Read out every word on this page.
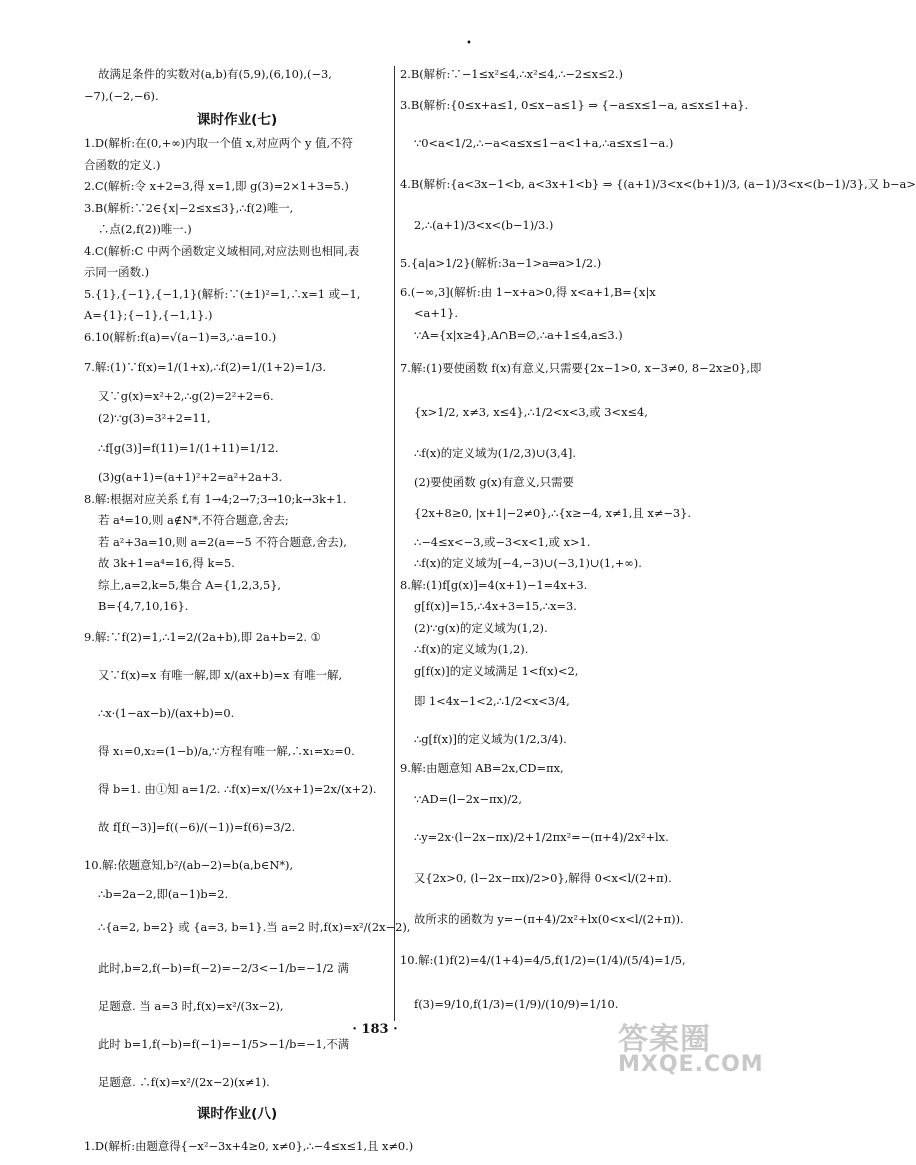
•
故满足条件的实数对(a,b)有(5,9),(6,10),(−3,
−7),(−2,−6).
课时作业(七)
1.D(解析:在(0,+∞)内取一个值 x,对应两个 y 值,不符
合函数的定义.)
2.C(解析:令 x+2=3,得 x=1,即 g(3)=2×1+3=5.)
3.B(解析:∵2∈{x|−2≤x≤3},∴f(2)唯一,
∴点(2,f(2))唯一.)
4.C(解析:C 中两个函数定义域相同,对应法则也相同,表
示同一函数.)
5.{1},{−1},{−1,1}(解析:∵(±1)²=1,∴x=1 或−1,
A={1};{−1},{−1,1}.)
6.10(解析:f(a)=√(a−1)=3,∴a=10.)
7.解:(1)∵f(x)=1/(1+x),∴f(2)=1/(1+2)=1/3.
又∵g(x)=x²+2,∴g(2)=2²+2=6.
(2)∵g(3)=3²+2=11,
∴f[g(3)]=f(11)=1/(1+11)=1/12.
(3)g(a+1)=(a+1)²+2=a²+2a+3.
8.解:根据对应关系 f,有 1→4;2→7;3→10;k→3k+1.
若 a⁴=10,则 a∉N*,不符合题意,舍去;
若 a²+3a=10,则 a=2(a=−5 不符合题意,舍去),
故 3k+1=a⁴=16,得 k=5.
综上,a=2,k=5,集合 A={1,2,3,5},
B={4,7,10,16}.
9.解:∵f(2)=1,∴1=2/(2a+b),即 2a+b=2. ①
又∵f(x)=x 有唯一解,即 x/(ax+b)=x 有唯一解,
∴x·(1−ax−b)/(ax+b)=0.
得 x₁=0,x₂=(1−b)/a,∵方程有唯一解,∴x₁=x₂=0.
得 b=1. 由①知 a=1/2. ∴f(x)=x/(½x+1)=2x/(x+2).
故 f[f(−3)]=f((−6)/(−1))=f(6)=3/2.
10.解:依题意知,b²/(ab−2)=b(a,b∈N*),
∴b=2a−2,即(a−1)b=2.
∴{a=2, b=2} 或 {a=3, b=1}.当 a=2 时,f(x)=x²/(2x−2),
此时,b=2,f(−b)=f(−2)=−2/3<−1/b=−1/2 满
足题意. 当 a=3 时,f(x)=x²/(3x−2),
此时 b=1,f(−b)=f(−1)=−1/5>−1/b=−1,不满
足题意. ∴f(x)=x²/(2x−2)(x≠1).
课时作业(八)
1.D(解析:由题意得{−x²−3x+4≥0, x≠0},∴−4≤x≤1,且 x≠0.)
2.B(解析:∵−1≤x²≤4,∴x²≤4,∴−2≤x≤2.)
3.B(解析:{0≤x+a≤1, 0≤x−a≤1} ⇒ {−a≤x≤1−a, a≤x≤1+a}.
∵0<a<1/2,∴−a<a≤x≤1−a<1+a,∴a≤x≤1−a.)
4.B(解析:{a<3x−1<b, a<3x+1<b} ⇒ {(a+1)/3<x<(b+1)/3, (a−1)/3<x<(b−1)/3},又 b−a>
2,∴(a+1)/3<x<(b−1)/3.)
5.{a|a>1/2}(解析:3a−1>a⇒a>1/2.)
6.(−∞,3](解析:由 1−x+a>0,得 x<a+1,B={x|x
<a+1}.
∵A={x|x≥4},A∩B=∅,∴a+1≤4,a≤3.)
7.解:(1)要使函数 f(x)有意义,只需要{2x−1>0, x−3≠0, 8−2x≥0},即
{x>1/2, x≠3, x≤4},∴1/2<x<3,或 3<x≤4,
∴f(x)的定义域为(1/2,3)∪(3,4].
(2)要使函数 g(x)有意义,只需要
{2x+8≥0, |x+1|−2≠0},∴{x≥−4, x≠1,且 x≠−3}.
∴−4≤x<−3,或−3<x<1,或 x>1.
∴f(x)的定义域为[−4,−3)∪(−3,1)∪(1,+∞).
8.解:(1)f[g(x)]=4(x+1)−1=4x+3.
g[f(x)]=15,∴4x+3=15,∴x=3.
(2)∵g(x)的定义域为(1,2).
∴f(x)的定义域为(1,2).
g[f(x)]的定义域满足 1<f(x)<2,
即 1<4x−1<2,∴1/2<x<3/4,
∴g[f(x)]的定义域为(1/2,3/4).
9.解:由题意知 AB=2x,CD=πx,
∵AD=(l−2x−πx)/2,
∴y=2x·(l−2x−πx)/2+1/2πx²=−(π+4)/2x²+lx.
又{2x>0, (l−2x−πx)/2>0},解得 0<x<l/(2+π).
故所求的函数为 y=−(π+4)/2x²+lx(0<x<l/(2+π)).
10.解:(1)f(2)=4/(1+4)=4/5,f(1/2)=(1/4)/(5/4)=1/5,
f(3)=9/10,f(1/3)=(1/9)/(10/9)=1/10.
· 183 ·	答案圈
MXQE.COM
